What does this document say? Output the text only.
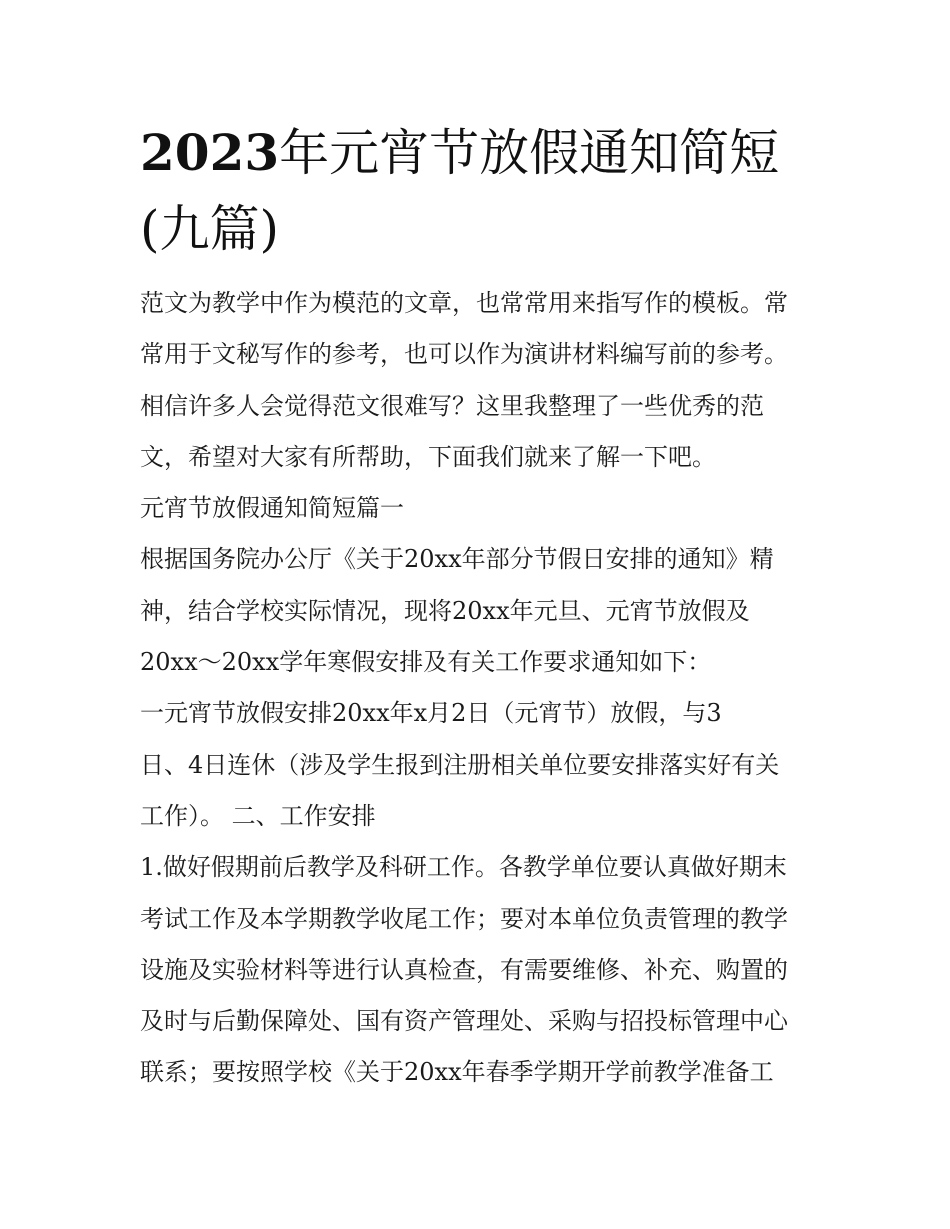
2023年元宵节放假通知简短
(九篇)
范文为教学中作为模范的文章，也常常用来指写作的模板。常
常用于文秘写作的参考，也可以作为演讲材料编写前的参考。
相信许多人会觉得范文很难写？这里我整理了一些优秀的范
文，希望对大家有所帮助，下面我们就来了解一下吧。
元宵节放假通知简短篇一
根据国务院办公厅《关于20xx年部分节假日安排的通知》精
神，结合学校实际情况，现将20xx年元旦、元宵节放假及
20xx～20xx学年寒假安排及有关工作要求通知如下：
一元宵节放假安排20xx年x月2日（元宵节）放假，与3
日、4日连休（涉及学生报到注册相关单位要安排落实好有关
工作）。 二、工作安排
1.做好假期前后教学及科研工作。各教学单位要认真做好期末
考试工作及本学期教学收尾工作；要对本单位负责管理的教学
设施及实验材料等进行认真检查，有需要维修、补充、购置的
及时与后勤保障处、国有资产管理处、采购与招投标管理中心
联系；要按照学校《关于20xx年春季学期开学前教学准备工
